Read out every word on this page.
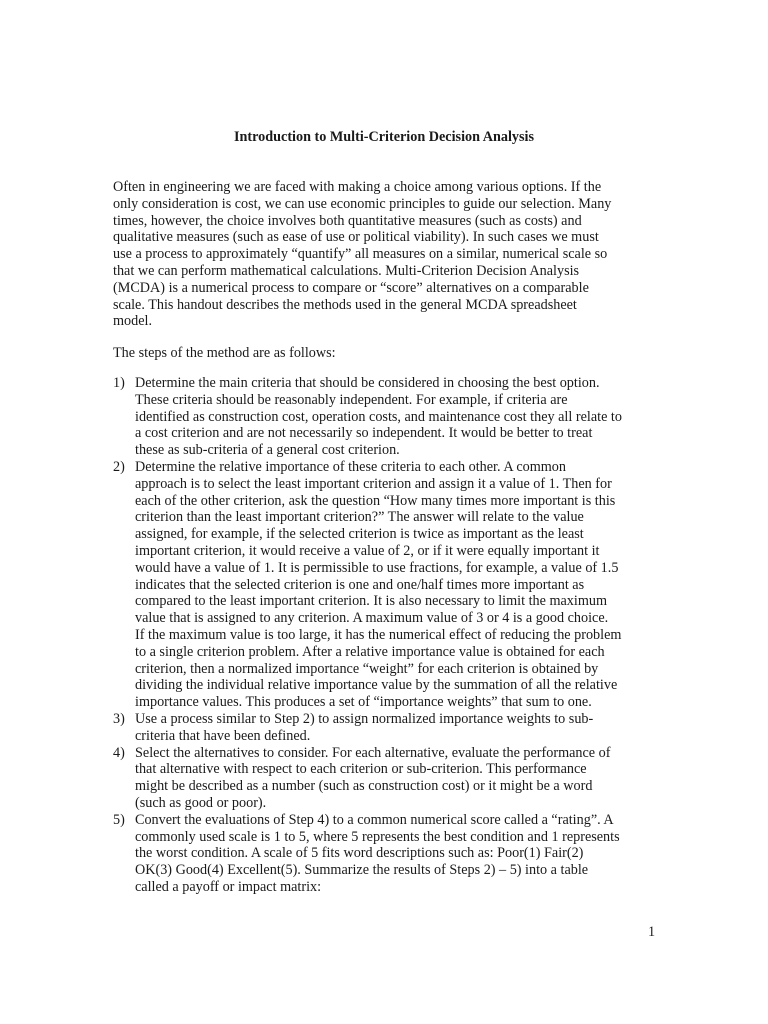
Introduction to Multi-Criterion Decision Analysis
Often in engineering we are faced with making a choice among various options. If the
only consideration is cost, we can use economic principles to guide our selection. Many
times, however, the choice involves both quantitative measures (such as costs) and
qualitative measures (such as ease of use or political viability). In such cases we must
use a process to approximately “quantify” all measures on a similar, numerical scale so
that we can perform mathematical calculations. Multi-Criterion Decision Analysis
(MCDA) is a numerical process to compare or “score” alternatives on a comparable
scale. This handout describes the methods used in the general MCDA spreadsheet
model.
The steps of the method are as follows:
1) Determine the main criteria that should be considered in choosing the best option.
These criteria should be reasonably independent. For example, if criteria are
identified as construction cost, operation costs, and maintenance cost they all relate to
a cost criterion and are not necessarily so independent. It would be better to treat
these as sub-criteria of a general cost criterion.
2) Determine the relative importance of these criteria to each other. A common
approach is to select the least important criterion and assign it a value of 1. Then for
each of the other criterion, ask the question “How many times more important is this
criterion than the least important criterion?” The answer will relate to the value
assigned, for example, if the selected criterion is twice as important as the least
important criterion, it would receive a value of 2, or if it were equally important it
would have a value of 1. It is permissible to use fractions, for example, a value of 1.5
indicates that the selected criterion is one and one/half times more important as
compared to the least important criterion. It is also necessary to limit the maximum
value that is assigned to any criterion. A maximum value of 3 or 4 is a good choice.
If the maximum value is too large, it has the numerical effect of reducing the problem
to a single criterion problem. After a relative importance value is obtained for each
criterion, then a normalized importance “weight” for each criterion is obtained by
dividing the individual relative importance value by the summation of all the relative
importance values. This produces a set of “importance weights” that sum to one.
3) Use a process similar to Step 2) to assign normalized importance weights to sub-
criteria that have been defined.
4) Select the alternatives to consider. For each alternative, evaluate the performance of
that alternative with respect to each criterion or sub-criterion. This performance
might be described as a number (such as construction cost) or it might be a word
(such as good or poor).
5) Convert the evaluations of Step 4) to a common numerical score called a “rating”. A
commonly used scale is 1 to 5, where 5 represents the best condition and 1 represents
the worst condition. A scale of 5 fits word descriptions such as: Poor(1) Fair(2)
OK(3) Good(4) Excellent(5). Summarize the results of Steps 2) – 5) into a table
called a payoff or impact matrix:
1
